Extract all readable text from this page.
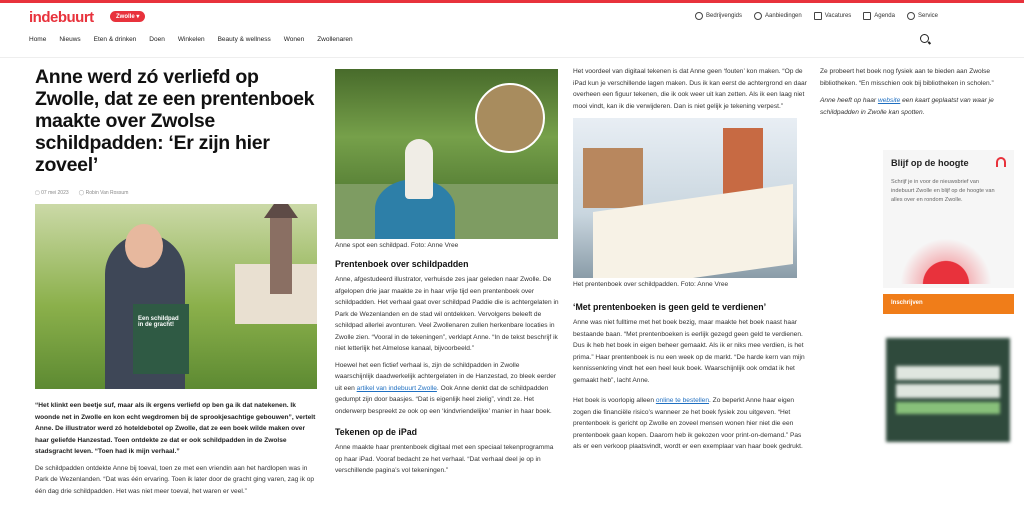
indebuurt	Zwolle ▾	Bedrijvengids	Aanbiedingen	Vacatures	Agenda	Service
Home Nieuws Eten & drinken Doen Winkelen Beauty & wellness Wonen Zwollenaren
Anne werd zó verliefd op Zwolle, dat ze een prentenboek maakte over Zwolse schildpadden: ‘Er zijn hier zoveel’
▢ 07 mei 2023 ◯ Robin Van Rossum
Een schildpad in de gracht!

“Het klinkt een beetje suf, maar als ik ergens verliefd op ben ga ik dat natekenen. Ik woonde net in Zwolle en kon echt wegdromen bij de sprookjesachtige gebouwen”, vertelt Anne. De illustrator werd zó hoteldebotel op Zwolle, dat ze een boek wilde maken over haar geliefde Hanzestad. Toen ontdekte ze dat er ook schildpadden in de Zwolse stadsgracht leven. “Toen had ik mijn verhaal.”

De schildpadden ontdekte Anne bij toeval, toen ze met een vriendin aan het hardlopen was in Park de Wezenlanden. “Dat was één ervaring. Toen ik later door de gracht ging varen, zag ik op één dag drie schildpadden. Het was niet meer toeval, het waren er veel.”

Anne spot een schildpad. Foto: Anne Vree

Prentenboek over schildpadden

Anne, afgestudeerd illustrator, verhuisde zes jaar geleden naar Zwolle. De afgelopen drie jaar maakte ze in haar vrije tijd een prentenboek over schildpadden. Het verhaal gaat over schildpad Paddie die is achtergelaten in Park de Wezenlanden en de stad wil ontdekken. Vervolgens beleeft de schildpad allerlei avonturen. Veel Zwollenaren zullen herkenbare locaties in Zwolle zien. “Vooral in de tekeningen”, verklapt Anne. “In de tekst beschrijf ik niet letterlijk het Almelose kanaal, bijvoorbeeld.”

Hoewel het een fictief verhaal is, zijn de schildpadden in Zwolle waarschijnlijk daadwerkelijk achtergelaten in de Hanzestad, zo bleek eerder uit een artikel van indebuurt Zwolle. Ook Anne denkt dat de schildpadden gedumpt zijn door baasjes. “Dat is eigenlijk heel zielig”, vindt ze. Het onderwerp bespreekt ze ook op een ‘kindvriendelijke’ manier in haar boek.

Tekenen op de iPad

Anne maakte haar prentenboek digitaal met een speciaal tekenprogramma op haar iPad. Vooraf bedacht ze het verhaal. “Dat verhaal deel je op in verschillende pagina’s vol tekeningen.”

Het voordeel van digitaal tekenen is dat Anne geen ‘fouten’ kon maken. “Op de iPad kun je verschillende lagen maken. Dus ik kan eerst de achtergrond en daar overheen een figuur tekenen, die ik ook weer uit kan zetten. Als ik een laag niet mooi vindt, kan ik die verwijderen. Dan is niet gelijk je tekening verpest.”

Het prentenboek over schildpadden. Foto: Anne Vree

‘Met prentenboeken is geen geld te verdienen’

Anne was niet fulltime met het boek bezig, maar maakte het boek naast haar bestaande baan. “Met prentenboeken is eerlijk gezegd geen geld te verdienen. Dus ik heb het boek in eigen beheer gemaakt. Als ik er niks mee verdien, is het prima.” Haar prentenboek is nu een week op de markt. “De harde kern van mijn kennissenkring vindt het een heel leuk boek. Waarschijnlijk ook omdat ik het gemaakt heb”, lacht Anne.

Het boek is voorlopig alleen online te bestellen. Zo beperkt Anne haar eigen zogen die financiële risico’s wanneer ze het boek fysiek zou uitgeven. “Het prentenboek is gericht op Zwolle en zoveel mensen wonen hier niet die een prentenboek gaan kopen. Daarom heb ik gekozen voor print-on-demand.” Pas als er een verkoop plaatsvindt, wordt er een exemplaar van haar boek gedrukt.

Ze probeert het boek nog fysiek aan te bieden aan Zwolse bibliotheken. “En misschien ook bij bibliotheken in scholen.”

Anne heeft op haar website een kaart geplaatst van waar je schildpadden in Zwolle kan spotten.

Blijf op de hoogte
Schrijf je in voor de nieuwsbrief van indebuurt Zwolle en blijf op de hoogte van alles over en rondom Zwolle.
Inschrijven
